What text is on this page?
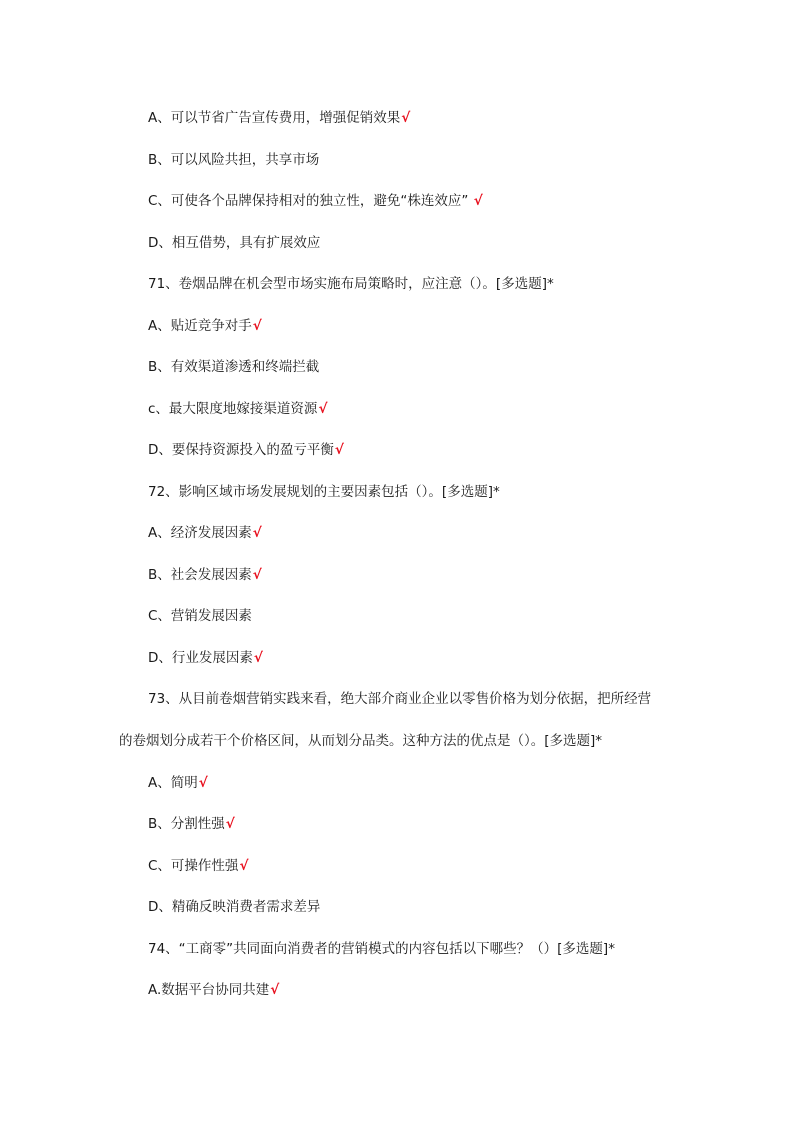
A、可以节省广告宣传费用，增强促销效果√
B、可以风险共担，共享市场
C、可使各个品牌保持相对的独立性，避免“株连效应” √
D、相互借势，具有扩展效应
71、卷烟品牌在机会型市场实施布局策略时，应注意（）。[多选题]*
A、贴近竞争对手√
B、有效渠道渗透和终端拦截
c、最大限度地嫁接渠道资源√
D、要保持资源投入的盈亏平衡√
72、影响区域市场发展规划的主要因素包括（）。[多选题]*
A、经济发展因素√
B、社会发展因素√
C、营销发展因素
D、行业发展因素√
73、从目前卷烟营销实践来看，绝大部介商业企业以零售价格为划分依据，把所经营
的卷烟划分成若干个价格区间，从而划分品类。这种方法的优点是（）。[多选题]*
A、简明√
B、分割性强√
C、可操作性强√
D、精确反映消费者需求差异
74、“工商零”共同面向消费者的营销模式的内容包括以下哪些？（）[多选题]*
A.数据平台协同共建√
